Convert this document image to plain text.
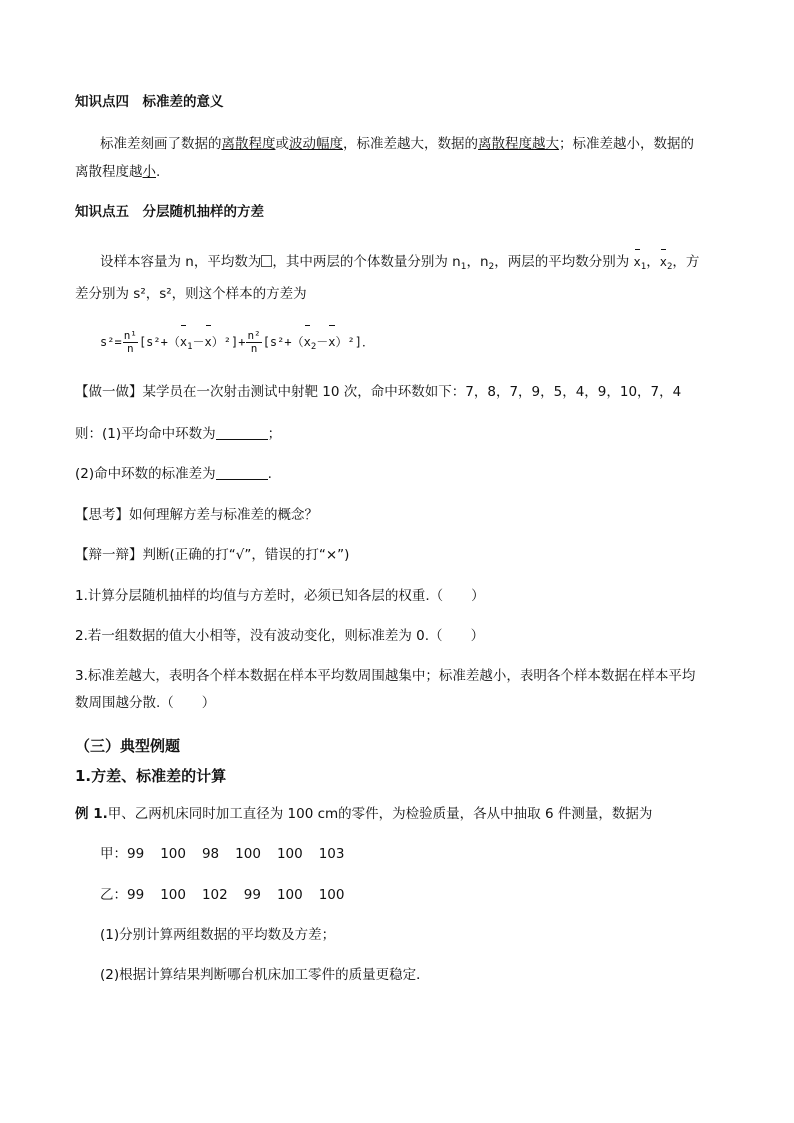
知识点四　标准差的意义
标准差刻画了数据的离散程度或波动幅度，标准差越大，数据的离散程度越大；标准差越小，数据的
离散程度越小.
知识点五　分层随机抽样的方差
设样本容量为 n，平均数为 ，其中两层的个体数量分别为 $n_1$，$n_2$，两层的平均数分别为 $x_1$，$x_2$，方
差分别为 s²，s²，则这个样本的方差为
$s^2= \frac{\text{n¹}}{n} [s^2+(x_1-x)^2]+ \frac{\text{n²}}{n} [s^2+(x_2-x)^2]$．
【做一做】某学员在一次射击测试中射靶 10 次，命中环数如下：7，8，7，9，5，4，9，10，7，4
则：(1)平均命中环数为	；
(2)命中环数的标准差为	.
【思考】如何理解方差与标准差的概念？
【辩一辩】判断(正确的打“√”，错误的打“×”)
1.计算分层随机抽样的均值与方差时，必须已知各层的权重.（ ）
2.若一组数据的值大小相等，没有波动变化，则标准差为 0.（ ）
3.标准差越大，表明各个样本数据在样本平均数周围越集中；标准差越小，表明各个样本数据在样本平均
数周围越分散.（ ）
（三）典型例题
1.方差、标准差的计算
例 1.甲、乙两机床同时加工直径为 100 cm的零件，为检验质量，各从中抽取 6 件测量，数据为
甲：99 100 98 100 100 103
乙：99 100 102 99 100 100
(1)分别计算两组数据的平均数及方差；
(2)根据计算结果判断哪台机床加工零件的质量更稳定．
